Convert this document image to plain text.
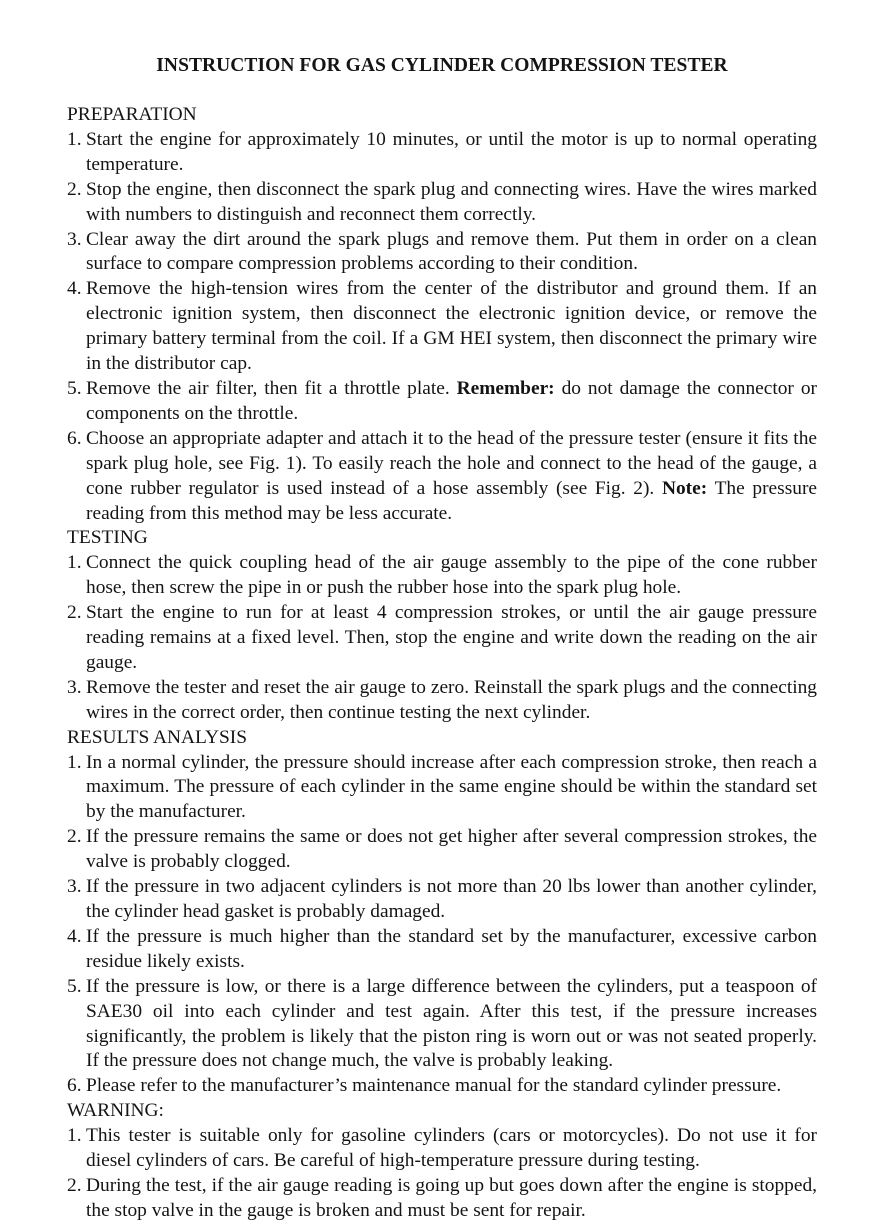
INSTRUCTION FOR GAS CYLINDER COMPRESSION TESTER
PREPARATION
1. Start the engine for approximately 10 minutes, or until the motor is up to normal operating temperature.
2. Stop the engine, then disconnect the spark plug and connecting wires. Have the wires marked with numbers to distinguish and reconnect them correctly.
3. Clear away the dirt around the spark plugs and remove them. Put them in order on a clean surface to compare compression problems according to their condition.
4. Remove the high-tension wires from the center of the distributor and ground them. If an electronic ignition system, then disconnect the electronic ignition device, or remove the primary battery terminal from the coil. If a GM HEI system, then disconnect the primary wire in the distributor cap.
5. Remove the air filter, then fit a throttle plate. Remember: do not damage the connector or components on the throttle.
6. Choose an appropriate adapter and attach it to the head of the pressure tester (ensure it fits the spark plug hole, see Fig. 1). To easily reach the hole and connect to the head of the gauge, a cone rubber regulator is used instead of a hose assembly (see Fig. 2). Note: The pressure reading from this method may be less accurate.
TESTING
1. Connect the quick coupling head of the air gauge assembly to the pipe of the cone rubber hose, then screw the pipe in or push the rubber hose into the spark plug hole.
2. Start the engine to run for at least 4 compression strokes, or until the air gauge pressure reading remains at a fixed level. Then, stop the engine and write down the reading on the air gauge.
3. Remove the tester and reset the air gauge to zero. Reinstall the spark plugs and the connecting wires in the correct order, then continue testing the next cylinder.
RESULTS ANALYSIS
1. In a normal cylinder, the pressure should increase after each compression stroke, then reach a maximum. The pressure of each cylinder in the same engine should be within the standard set by the manufacturer.
2. If the pressure remains the same or does not get higher after several compression strokes, the valve is probably clogged.
3. If the pressure in two adjacent cylinders is not more than 20 lbs lower than another cylinder, the cylinder head gasket is probably damaged.
4. If the pressure is much higher than the standard set by the manufacturer, excessive carbon residue likely exists.
5. If the pressure is low, or there is a large difference between the cylinders, put a teaspoon of SAE30 oil into each cylinder and test again. After this test, if the pressure increases significantly, the problem is likely that the piston ring is worn out or was not seated properly. If the pressure does not change much, the valve is probably leaking.
6. Please refer to the manufacturer’s maintenance manual for the standard cylinder pressure.
WARNING:
1. This tester is suitable only for gasoline cylinders (cars or motorcycles). Do not use it for diesel cylinders of cars. Be careful of high-temperature pressure during testing.
2. During the test, if the air gauge reading is going up but goes down after the engine is stopped, the stop valve in the gauge is broken and must be sent for repair.
